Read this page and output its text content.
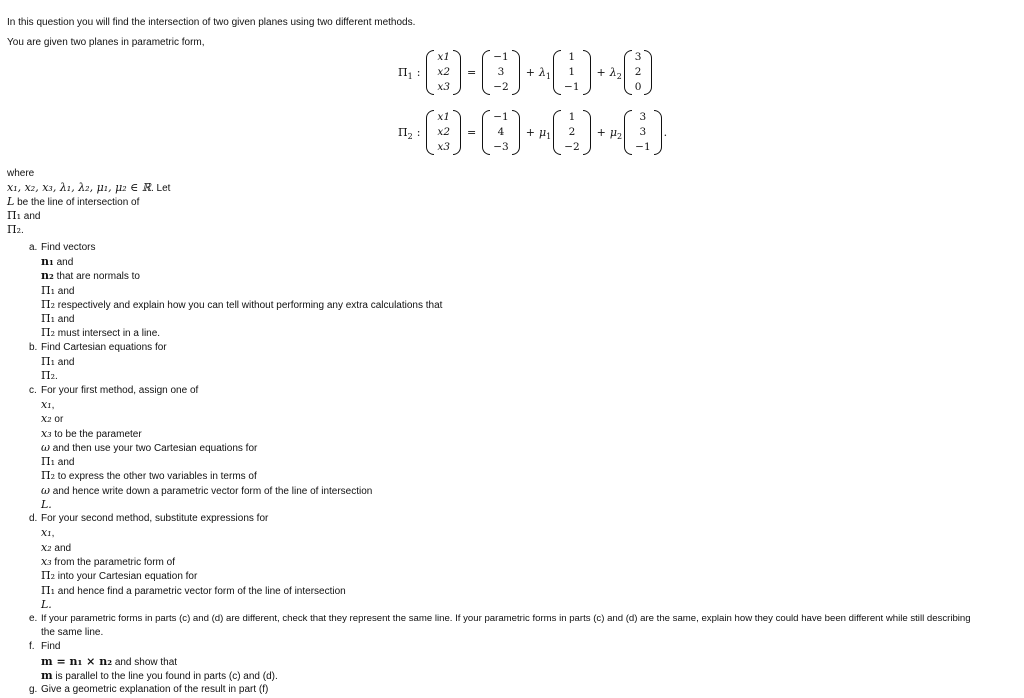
In this question you will find the intersection of two given planes using two different methods.
You are given two planes in parametric form,
$\Pi_1$ :
x1
x2
x3
=
−1
3
−2
+ $\lambda_1$
1
1
−1
+ $\lambda_2$
3
2
0
$\Pi_2$ :
x1
x2
x3
=
−1
4
−3
+ $\mu_1$
1
2
−2
+ $\mu_2$
3
3
−1
.
where
x₁, x₂, x₃, λ₁, λ₂, μ₁, μ₂ ∈ ℝ. Let
L be the line of intersection of
Π₁ and
Π₂.
a. Find vectors
n₁ and
n₂ that are normals to
Π₁ and
Π₂ respectively and explain how you can tell without performing any extra calculations that
Π₁ and
Π₂ must intersect in a line.
b. Find Cartesian equations for
Π₁ and
Π₂.
c. For your first method, assign one of
x₁,
x₂ or
x₃ to be the parameter
ω and then use your two Cartesian equations for
Π₁ and
Π₂ to express the other two variables in terms of
ω and hence write down a parametric vector form of the line of intersection
L.
d. For your second method, substitute expressions for
x₁,
x₂ and
x₃ from the parametric form of
Π₂ into your Cartesian equation for
Π₁ and hence find a parametric vector form of the line of intersection
L.
e. If your parametric forms in parts (c) and (d) are different, check that they represent the same line. If your parametric forms in parts (c) and (d) are the same, explain how they could have been different while still describing
the same line.
f. Find
m = n₁ × n₂ and show that
m is parallel to the line you found in parts (c) and (d).
g. Give a geometric explanation of the result in part (f)
